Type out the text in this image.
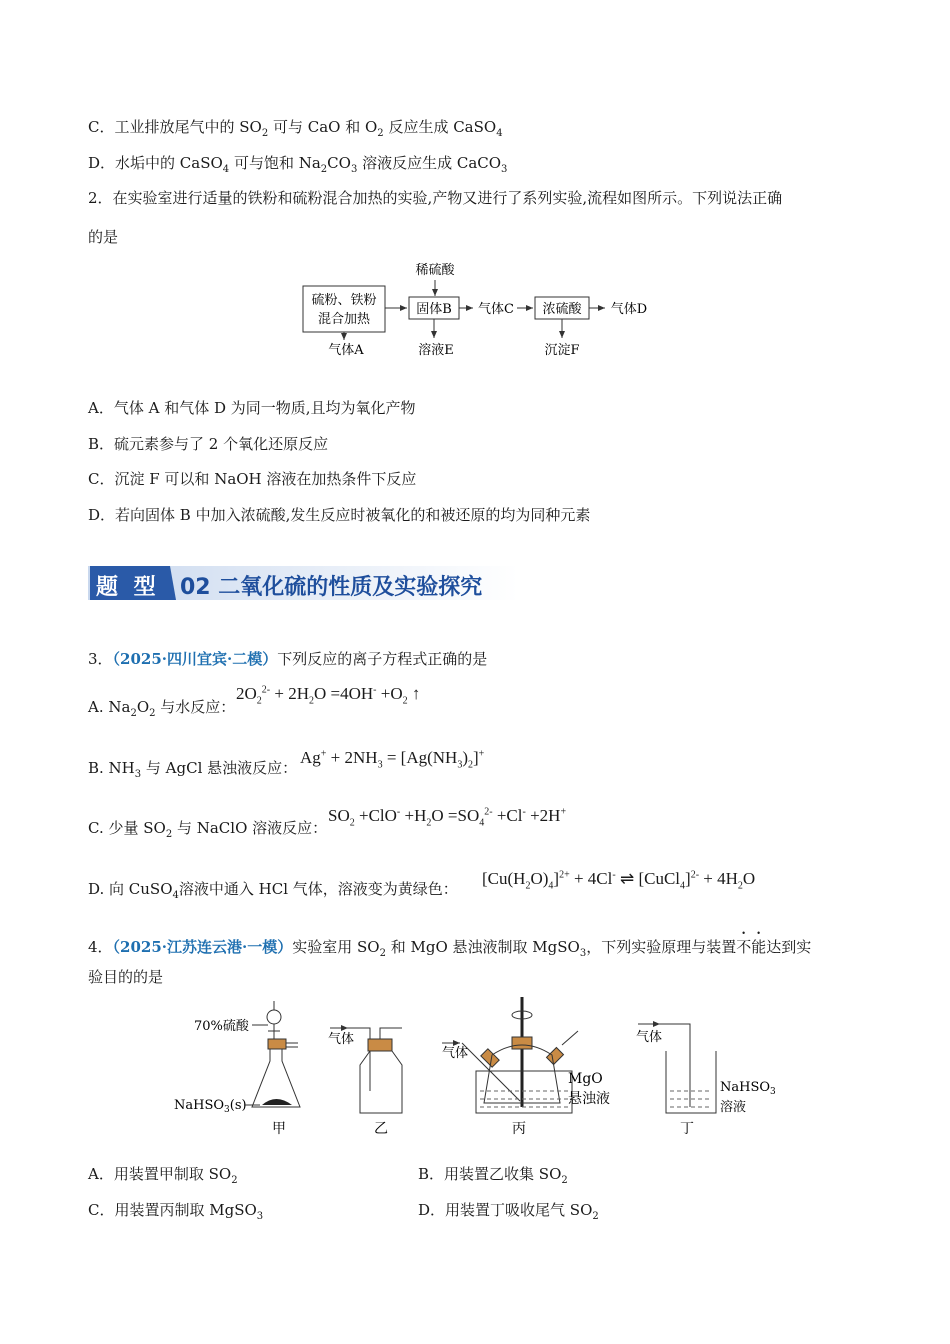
C．工业排放尾气中的 $SO_2$ 可与 CaO 和 $O_2$ 反应生成 CaSO$_4$
D．水垢中的 CaSO$_4$ 可与饱和 $Na_2CO_3$ 溶液反应生成 CaCO$_3$
2．在实验室进行适量的铁粉和硫粉混合加热的实验,产物又进行了系列实验,流程如图所示。下列说法正确
的是
硫粉、铁粉
混合加热
气体A
稀硫酸
固体B
溶液E
气体C 浓硫酸
沉淀F
气体D
A．气体 A 和气体 D 为同一物质,且均为氧化产物
B．硫元素参与了 2 个氧化还原反应
C．沉淀 F 可以和 NaOH 溶液在加热条件下反应
D．若向固体 B 中加入浓硫酸,发生反应时被氧化的和被还原的均为同种元素
题 型 02 二氧化硫的性质及实验探究
3．（2025·四川宜宾·二模）下列反应的离子方程式正确的是
A. $Na_2O_2$ 与水反应：
$2O_2^{2-} + 2H_2O =4OH^- +O_2$ ↑
B. $NH_3$ 与 AgCl 悬浊液反应：
$Ag^+ + 2NH_3 = [Ag(NH_3)_2]^+$
C. 少量 $SO_2$ 与 NaClO 溶液反应：
$SO_2 +ClO^- +H_2O =SO_4^{2-} +Cl^- +2H^+$
D. 向 CuSO$_4$溶液中通入 HCl 气体，溶液变为黄绿色：
$[Cu(H_2O)_4]^{2+} + 4Cl^-$ ⇌ [CuCl$_4$]$^{2-}$ + $4H_2O$
4．（2025·江苏连云港·一模）实验室用 $SO_2$ 和 MgO 悬浊液制取 MgSO$_3$，下列实验原理与装置不能达到实
验目的的是
70%硫酸
NaHSO$_3$(s)
甲
气体
乙
气体
MgO
悬浊液
丙
气体
NaHSO$_3$
溶液
丁
A．用装置甲制取 $SO_2$	B．用装置乙收集 $SO_2$
C．用装置丙制取 MgSO$_3$	D．用装置丁吸收尾气 $SO_2$
